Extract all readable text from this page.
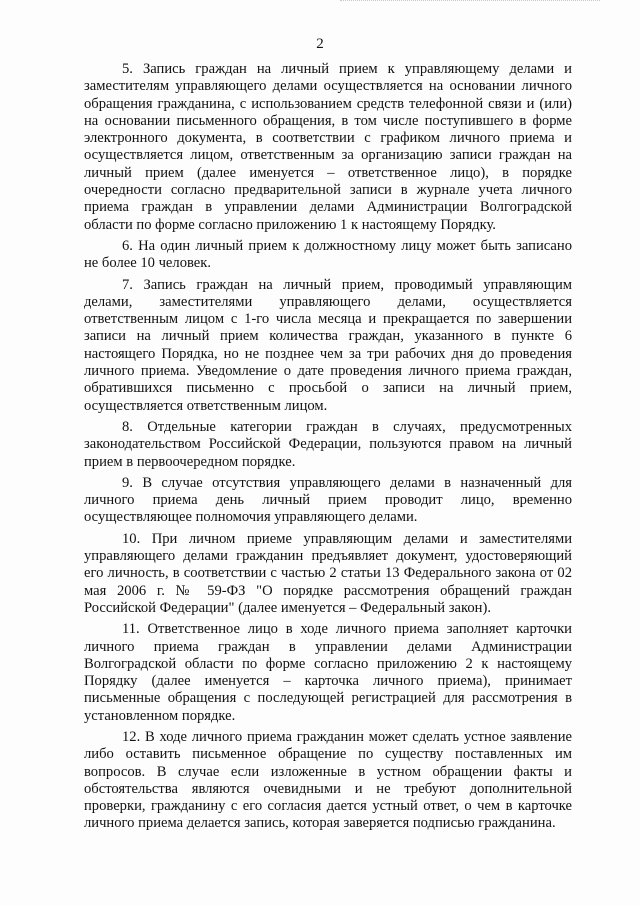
2

5. Запись граждан на личный прием к управляющему делами и заместителям управляющего делами осуществляется на основании личного обращения гражданина, с использованием средств телефонной связи и (или) на основании письменного обращения, в том числе поступившего в форме электронного документа, в соответствии с графиком личного приема и осуществляется лицом, ответственным за организацию записи граждан на личный прием (далее именуется – ответственное лицо), в порядке очередности согласно предварительной записи в журнале учета личного приема граждан в управлении делами Администрации Волгоградской области по форме согласно приложению 1 к настоящему Порядку.

6. На один личный прием к должностному лицу может быть записано не более 10 человек.

7. Запись граждан на личный прием, проводимый управляющим делами, заместителями управляющего делами, осуществляется ответственным лицом с 1-го числа месяца и прекращается по завершении записи на личный прием количества граждан, указанного в пункте 6 настоящего Порядка, но не позднее чем за три рабочих дня до проведения личного приема. Уведомление о дате проведения личного приема граждан, обратившихся письменно с просьбой о записи на личный прием, осуществляется ответственным лицом.

8. Отдельные категории граждан в случаях, предусмотренных законодательством Российской Федерации, пользуются правом на личный прием в первоочередном порядке.

9. В случае отсутствия управляющего делами в назначенный для личного приема день личный прием проводит лицо, временно осуществляющее полномочия управляющего делами.

10. При личном приеме управляющим делами и заместителями управляющего делами гражданин предъявляет документ, удостоверяющий его личность, в соответствии с частью 2 статьи 13 Федерального закона от 02 мая 2006 г. № 59-ФЗ "О порядке рассмотрения обращений граждан Российской Федерации" (далее именуется – Федеральный закон).

11. Ответственное лицо в ходе личного приема заполняет карточки личного приема граждан в управлении делами Администрации Волгоградской области по форме согласно приложению 2 к настоящему Порядку (далее именуется – карточка личного приема), принимает письменные обращения с последующей регистрацией для рассмотрения в установленном порядке.

12. В ходе личного приема гражданин может сделать устное заявление либо оставить письменное обращение по существу поставленных им вопросов. В случае если изложенные в устном обращении факты и обстоятельства являются очевидными и не требуют дополнительной проверки, гражданину с его согласия дается устный ответ, о чем в карточке личного приема делается запись, которая заверяется подписью гражданина.
